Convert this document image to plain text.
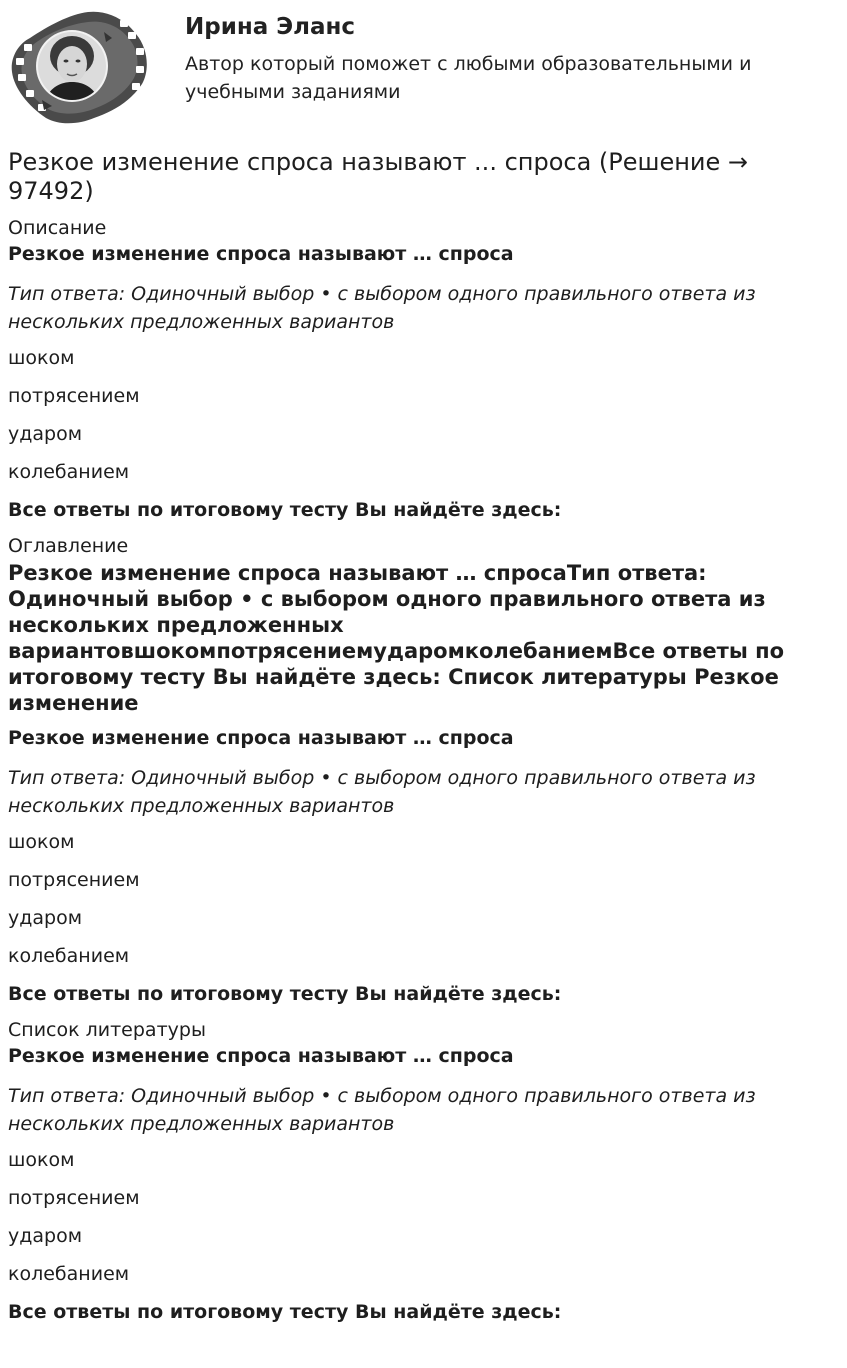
Ирина Эланс
Автор который поможет с любыми образовательными и учебными заданиями
Резкое изменение спроса называют ... спроса (Решение → 97492)
Описание
Резкое изменение спроса называют … спроса
Тип ответа: Одиночный выбор • с выбором одного правильного ответа из нескольких предложенных вариантов
шоком
потрясением
ударом
колебанием
Все ответы по итоговому тесту Вы найдёте здесь:
Оглавление
Резкое изменение спроса называют … спросаТип ответа: Одиночный выбор • с выбором одного правильного ответа из нескольких предложенных вариантовшокомпотрясениемударомколебаниемВсе ответы по итоговому тесту Вы найдёте здесь: Список литературы Резкое изменение
Резкое изменение спроса называют … спроса
Тип ответа: Одиночный выбор • с выбором одного правильного ответа из нескольких предложенных вариантов
шоком
потрясением
ударом
колебанием
Все ответы по итоговому тесту Вы найдёте здесь:
Список литературы
Резкое изменение спроса называют … спроса
Тип ответа: Одиночный выбор • с выбором одного правильного ответа из нескольких предложенных вариантов
шоком
потрясением
ударом
колебанием
Все ответы по итоговому тесту Вы найдёте здесь:
